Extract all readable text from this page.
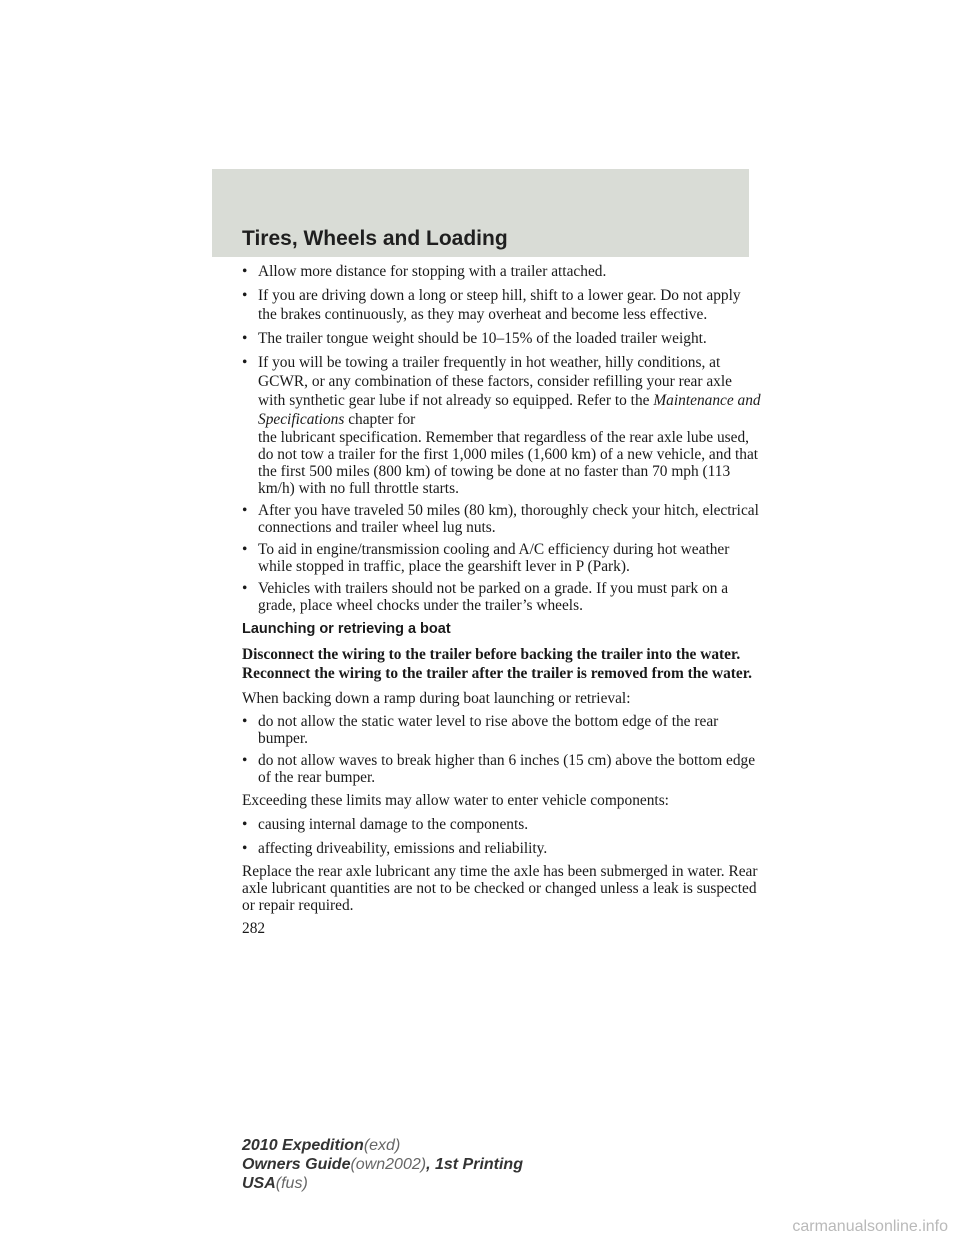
Tires, Wheels and Loading
• Allow more distance for stopping with a trailer attached.
• If you are driving down a long or steep hill, shift to a lower gear. Do not apply the brakes continuously, as they may overheat and become less effective.
• The trailer tongue weight should be 10–15% of the loaded trailer weight.
• If you will be towing a trailer frequently in hot weather, hilly conditions, at GCWR, or any combination of these factors, consider refilling your rear axle with synthetic gear lube if not already so equipped. Refer to the Maintenance and Specifications chapter for
the lubricant specification. Remember that regardless of the rear axle lube used, do not tow a trailer for the first 1,000 miles (1,600 km) of a new vehicle, and that the first 500 miles (800 km) of towing be done at no faster than 70 mph (113 km/h) with no full throttle starts.
• After you have traveled 50 miles (80 km), thoroughly check your hitch, electrical connections and trailer wheel lug nuts.
• To aid in engine/transmission cooling and A/C efficiency during hot weather while stopped in traffic, place the gearshift lever in P (Park).
• Vehicles with trailers should not be parked on a grade. If you must park on a grade, place wheel chocks under the trailer’s wheels.
Launching or retrieving a boat
Disconnect the wiring to the trailer before backing the trailer into the water. Reconnect the wiring to the trailer after the trailer is removed from the water.
When backing down a ramp during boat launching or retrieval:
• do not allow the static water level to rise above the bottom edge of the rear bumper.
• do not allow waves to break higher than 6 inches (15 cm) above the bottom edge of the rear bumper.
Exceeding these limits may allow water to enter vehicle components:
• causing internal damage to the components.
• affecting driveability, emissions and reliability.
Replace the rear axle lubricant any time the axle has been submerged in water. Rear axle lubricant quantities are not to be checked or changed unless a leak is suspected or repair required.
282
2010 Expedition(exd)
Owners Guide(own2002), 1st Printing
USA(fus)
carmanualsonline.info
